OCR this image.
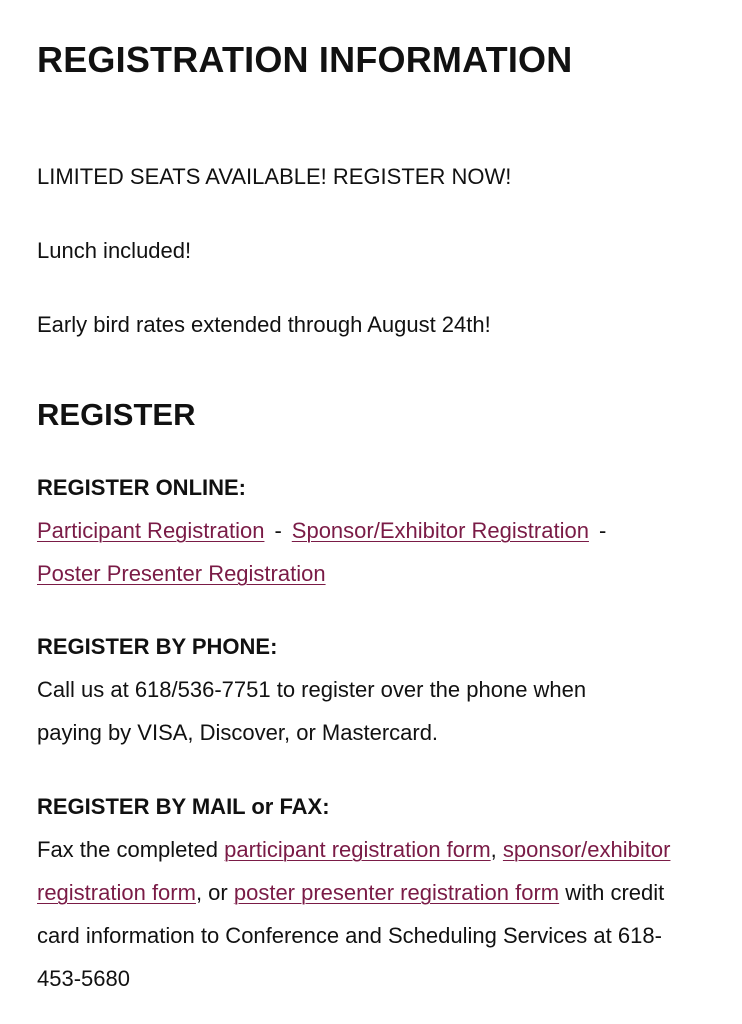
REGISTRATION INFORMATION

LIMITED SEATS AVAILABLE! REGISTER NOW!

Lunch included!

Early bird rates extended through August 24th!

REGISTER

REGISTER ONLINE:

Participant Registration - Sponsor/Exhibitor Registration -
Poster Presenter Registration

REGISTER BY PHONE:

Call us at 618/536-7751 to register over the phone when paying by VISA, Discover, or Mastercard.

REGISTER BY MAIL or FAX:

Fax the completed participant registration form, sponsor/exhibitor registration form, or poster presenter registration form with credit card information to Conference and Scheduling Services at 618-453-5680
